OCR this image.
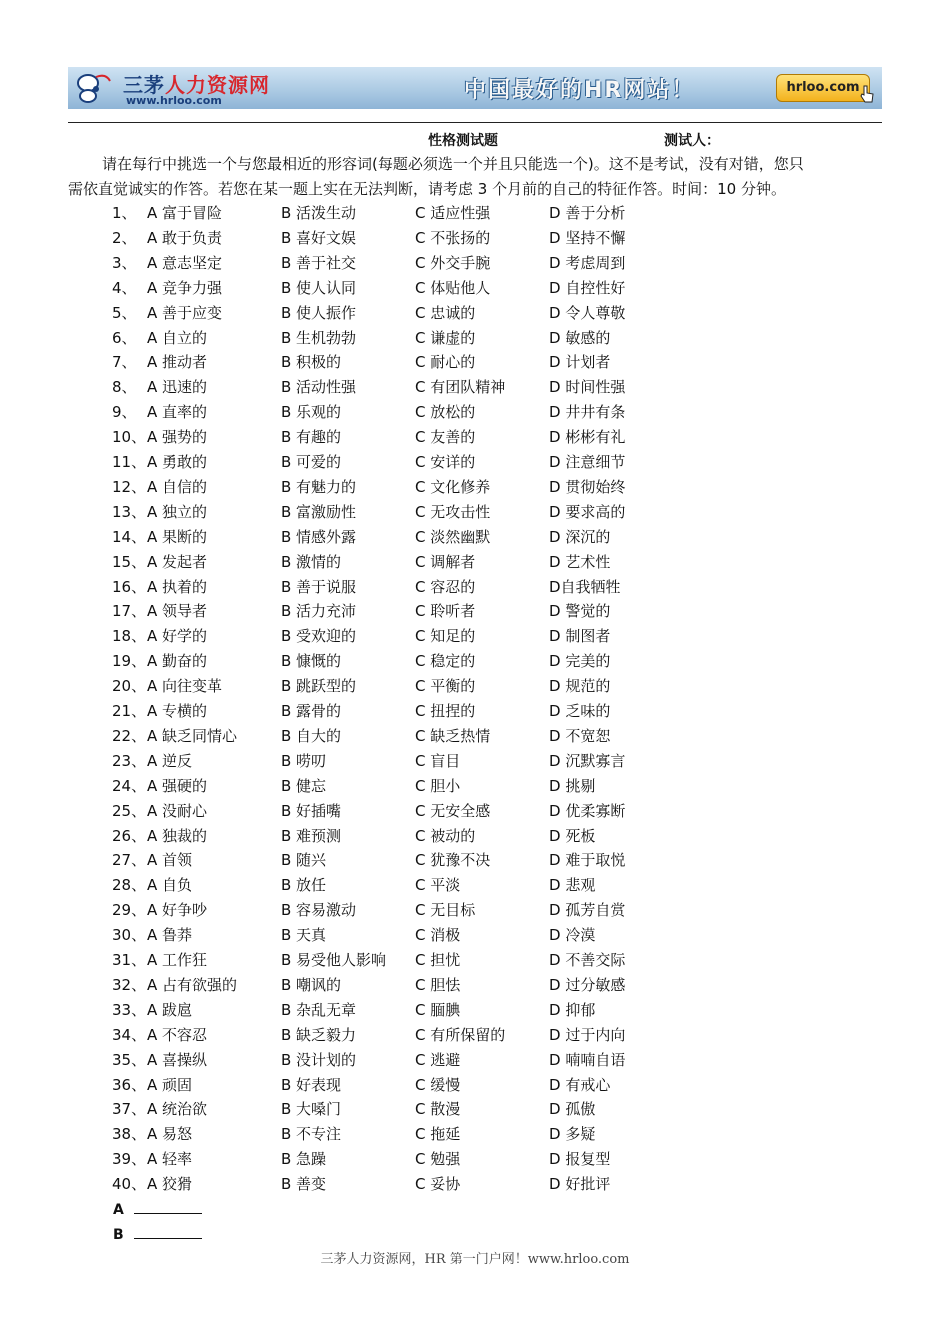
三茅人力资源网
www.hrloo.com	中国最好的HR网站！	hrloo.com
性格测试题	测试人：
请在每行中挑选一个与您最相近的形容词(每题必须选一个并且只能选一个)。这不是考试，没有对错，您只
需依直觉诚实的作答。若您在某一题上实在无法判断，请考虑 3 个月前的自己的特征作答。时间：10 分钟。
1、 A 富于冒险	B 活泼生动	C 适应性强	D 善于分析
2、 A 敢于负责	B 喜好文娱	C 不张扬的	D 坚持不懈
3、 A 意志坚定	B 善于社交	C 外交手腕	D 考虑周到
4、 A 竞争力强	B 使人认同	C 体贴他人	D 自控性好
5、 A 善于应变	B 使人振作	C 忠诚的	D 令人尊敬
6、 A 自立的	B 生机勃勃	C 谦虚的	D 敏感的
7、 A 推动者	B 积极的	C 耐心的	D 计划者
8、 A 迅速的	B 活动性强	C 有团队精神	D 时间性强
9、 A 直率的	B 乐观的	C 放松的	D 井井有条
10、 A 强势的	B 有趣的	C 友善的	D 彬彬有礼
11、 A 勇敢的	B 可爱的	C 安详的	D 注意细节
12、 A 自信的	B 有魅力的	C 文化修养	D 贯彻始终
13、 A 独立的	B 富激励性	C 无攻击性	D 要求高的
14、 A 果断的	B 情感外露	C 淡然幽默	D 深沉的
15、 A 发起者	B 激情的	C 调解者	D 艺术性
16、 A 执着的	B 善于说服	C 容忍的	D自我牺牲
17、 A 领导者	B 活力充沛	C 聆听者	D 警觉的
18、 A 好学的	B 受欢迎的	C 知足的	D 制图者
19、 A 勤奋的	B 慷慨的	C 稳定的	D 完美的
20、 A 向往变革	B 跳跃型的	C 平衡的	D 规范的
21、 A 专横的	B 露骨的	C 扭捏的	D 乏味的
22、 A 缺乏同情心	B 自大的	C 缺乏热情	D 不宽恕
23、 A 逆反	B 唠叨	C 盲目	D 沉默寡言
24、 A 强硬的	B 健忘	C 胆小	D 挑剔
25、 A 没耐心	B 好插嘴	C 无安全感	D 优柔寡断
26、 A 独裁的	B 难预测	C 被动的	D 死板
27、 A 首领	B 随兴	C 犹豫不决	D 难于取悦
28、 A 自负	B 放任	C 平淡	D 悲观
29、 A 好争吵	B 容易激动	C 无目标	D 孤芳自赏
30、 A 鲁莽	B 天真	C 消极	D 冷漠
31、 A 工作狂	B 易受他人影响 C 担忧	D 不善交际
32、 A 占有欲强的	B 嘲讽的	C 胆怯	D 过分敏感
33、 A 跋扈	B 杂乱无章	C 腼腆	D 抑郁
34、 A 不容忍	B 缺乏毅力	C 有所保留的	D 过于内向
35、 A 喜操纵	B 没计划的	C 逃避	D 喃喃自语
36、 A 顽固	B 好表现	C 缓慢	D 有戒心
37、 A 统治欲	B 大嗓门	C 散漫	D 孤傲
38、 A 易怒	B 不专注	C 拖延	D 多疑
39、 A 轻率	B 急躁	C 勉强	D 报复型
40、 A 狡猾	B 善变	C 妥协	D 好批评
A
B
三茅人力资源网，HR 第一门户网！www.hrloo.com
